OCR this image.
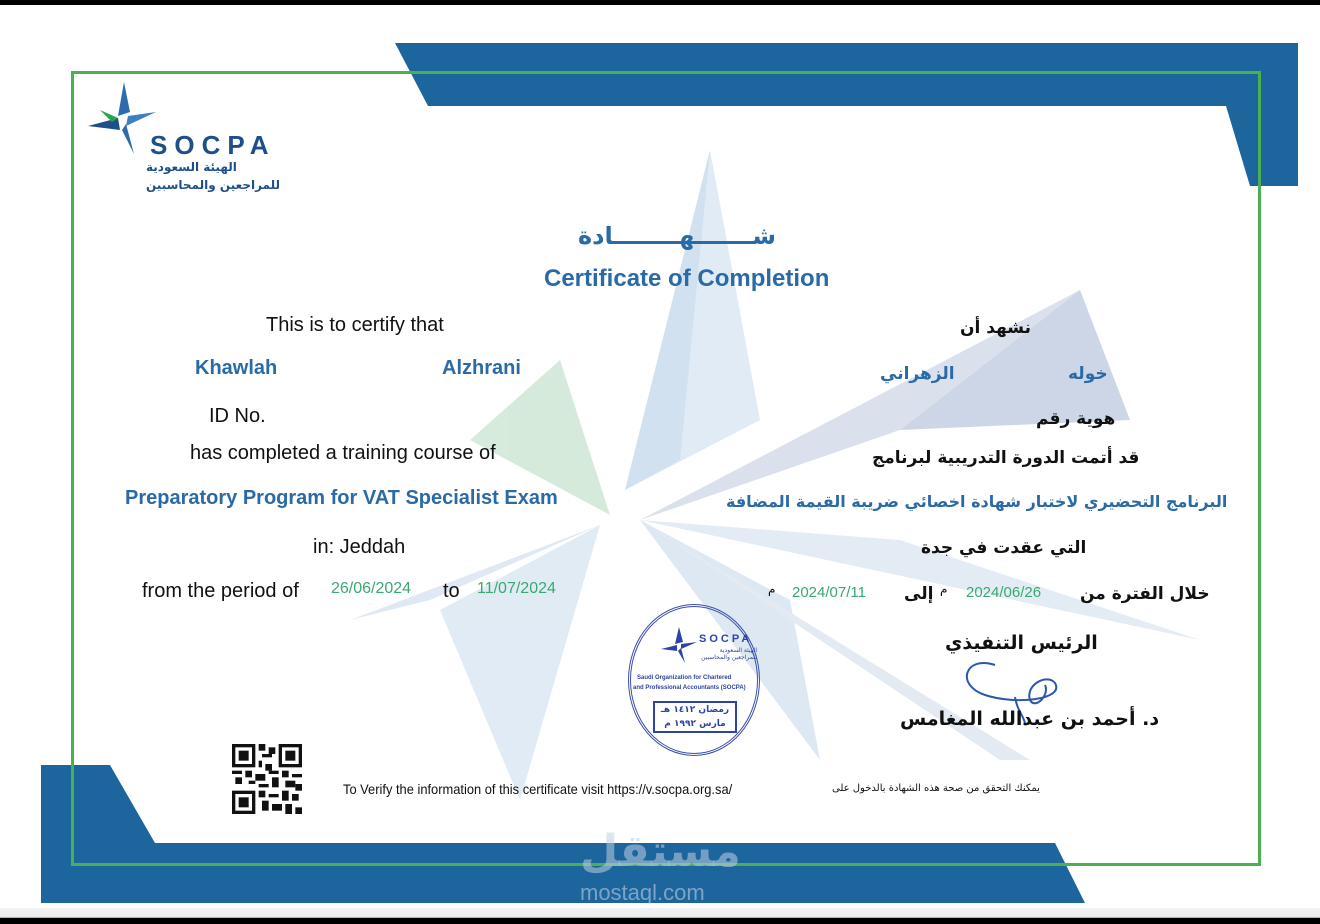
SOCPA
الهيئة السعودية
للمراجعين والمحاسبين
شـــــــهــــــــادة
Certificate of Completion
This is to certify that
Khawlah	Alzhrani
ID No.
has completed a training course of
Preparatory Program for VAT Specialist Exam
in: Jeddah
from the period of 26/06/2024 to 11/07/2024
نشهد أن
خوله
الزهراني
هوية رقم
قد أتمت الدورة التدريبية لبرنامج
البرنامج التحضيري لاختبار شهادة اخصائي ضريبة القيمة المضافة
التي عقدت في جدة
خلال الفترة من
2024/06/26
م
إلى
2024/07/11
م
SOCPA
الهيئة السعودية للمراجعين والمحاسبين
Saudi Organization for Chartered
and Professional Accountants (SOCPA)
رمضان ١٤١٢ هـ
مارس ١٩٩٢ م
الرئيس التنفيذي
د. أحمد بن عبدالله المغامس
To Verify the information of this certificate visit https://v.socpa.org.sa/	يمكنك التحقق من صحة هذه الشهادة بالدخول على
مستقل
mostaql.com
